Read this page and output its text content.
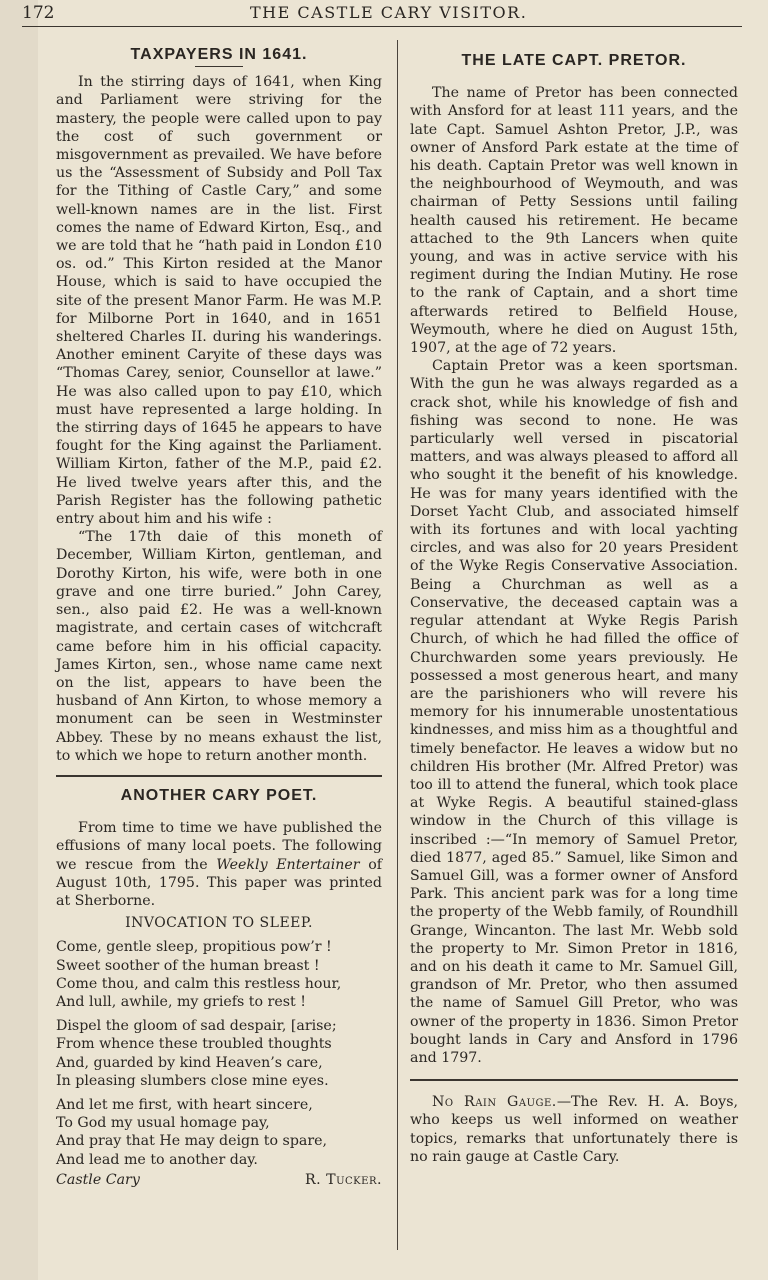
172	THE CASTLE CARY VISITOR.
TAXPAYERS IN 1641.

In the stirring days of 1641, when King and Parliament were striving for the mastery, the people were called upon to pay the cost of such government or misgovernment as prevailed. We have before us the “Assessment of Subsidy and Poll Tax for the Tithing of Castle Cary,” and some well-known names are in the list. First comes the name of Edward Kirton, Esq., and we are told that he “hath paid in London £10 os. od.” This Kirton resided at the Manor House, which is said to have occupied the site of the present Manor Farm. He was M.P. for Milborne Port in 1640, and in 1651 sheltered Charles II. during his wanderings. Another eminent Caryite of these days was “Thomas Carey, senior, Counsellor at lawe.” He was also called upon to pay £10, which must have represented a large holding. In the stirring days of 1645 he appears to have fought for the King against the Parliament. William Kirton, father of the M.P., paid £2. He lived twelve years after this, and the Parish Register has the following pathetic entry about him and his wife :

“The 17th daie of this moneth of December, William Kirton, gentleman, and Dorothy Kirton, his wife, were both in one grave and one tirre buried.” John Carey, sen., also paid £2. He was a well-known magistrate, and certain cases of witchcraft came before him in his official capacity. James Kirton, sen., whose name came next on the list, appears to have been the husband of Ann Kirton, to whose memory a monument can be seen in Westminster Abbey. These by no means exhaust the list, to which we hope to return another month.

ANOTHER CARY POET.

From time to time we have published the effusions of many local poets. The following we rescue from the Weekly Entertainer of August 10th, 1795. This paper was printed at Sherborne.

INVOCATION TO SLEEP.
Come, gentle sleep, propitious pow’r !
Sweet soother of the human breast !
Come thou, and calm this restless hour,
And lull, awhile, my griefs to rest !
Dispel the gloom of sad despair, [arise;
From whence these troubled thoughts
And, guarded by kind Heaven’s care,
In pleasing slumbers close mine eyes.
And let me first, with heart sincere,
To God my usual homage pay,
And pray that He may deign to spare,
And lead me to another day.
Castle Cary	R. Tucker.
THE LATE CAPT. PRETOR.

The name of Pretor has been connected with Ansford for at least 111 years, and the late Capt. Samuel Ashton Pretor, J.P., was owner of Ansford Park estate at the time of his death. Captain Pretor was well known in the neighbourhood of Weymouth, and was chairman of Petty Sessions until failing health caused his retirement. He became attached to the 9th Lancers when quite young, and was in active service with his regiment during the Indian Mutiny. He rose to the rank of Captain, and a short time afterwards retired to Belfield House, Weymouth, where he died on August 15th, 1907, at the age of 72 years.

Captain Pretor was a keen sportsman. With the gun he was always regarded as a crack shot, while his knowledge of fish and fishing was second to none. He was particularly well versed in piscatorial matters, and was always pleased to afford all who sought it the benefit of his knowledge. He was for many years identified with the Dorset Yacht Club, and associated himself with its fortunes and with local yachting circles, and was also for 20 years President of the Wyke Regis Conservative Association. Being a Churchman as well as a Conservative, the deceased captain was a regular attendant at Wyke Regis Parish Church, of which he had filled the office of Churchwarden some years previously. He possessed a most generous heart, and many are the parishioners who will revere his memory for his innumerable unostentatious kindnesses, and miss him as a thoughtful and timely benefactor. He leaves a widow but no children His brother (Mr. Alfred Pretor) was too ill to attend the funeral, which took place at Wyke Regis. A beautiful stained-glass window in the Church of this village is inscribed :—“In memory of Samuel Pretor, died 1877, aged 85.” Samuel, like Simon and Samuel Gill, was a former owner of Ansford Park. This ancient park was for a long time the property of the Webb family, of Roundhill Grange, Wincanton. The last Mr. Webb sold the property to Mr. Simon Pretor in 1816, and on his death it came to Mr. Samuel Gill, grandson of Mr. Pretor, who then assumed the name of Samuel Gill Pretor, who was owner of the property in 1836. Simon Pretor bought lands in Cary and Ansford in 1796 and 1797.

No Rain Gauge.—The Rev. H. A. Boys, who keeps us well informed on weather topics, remarks that unfortunately there is no rain gauge at Castle Cary.
